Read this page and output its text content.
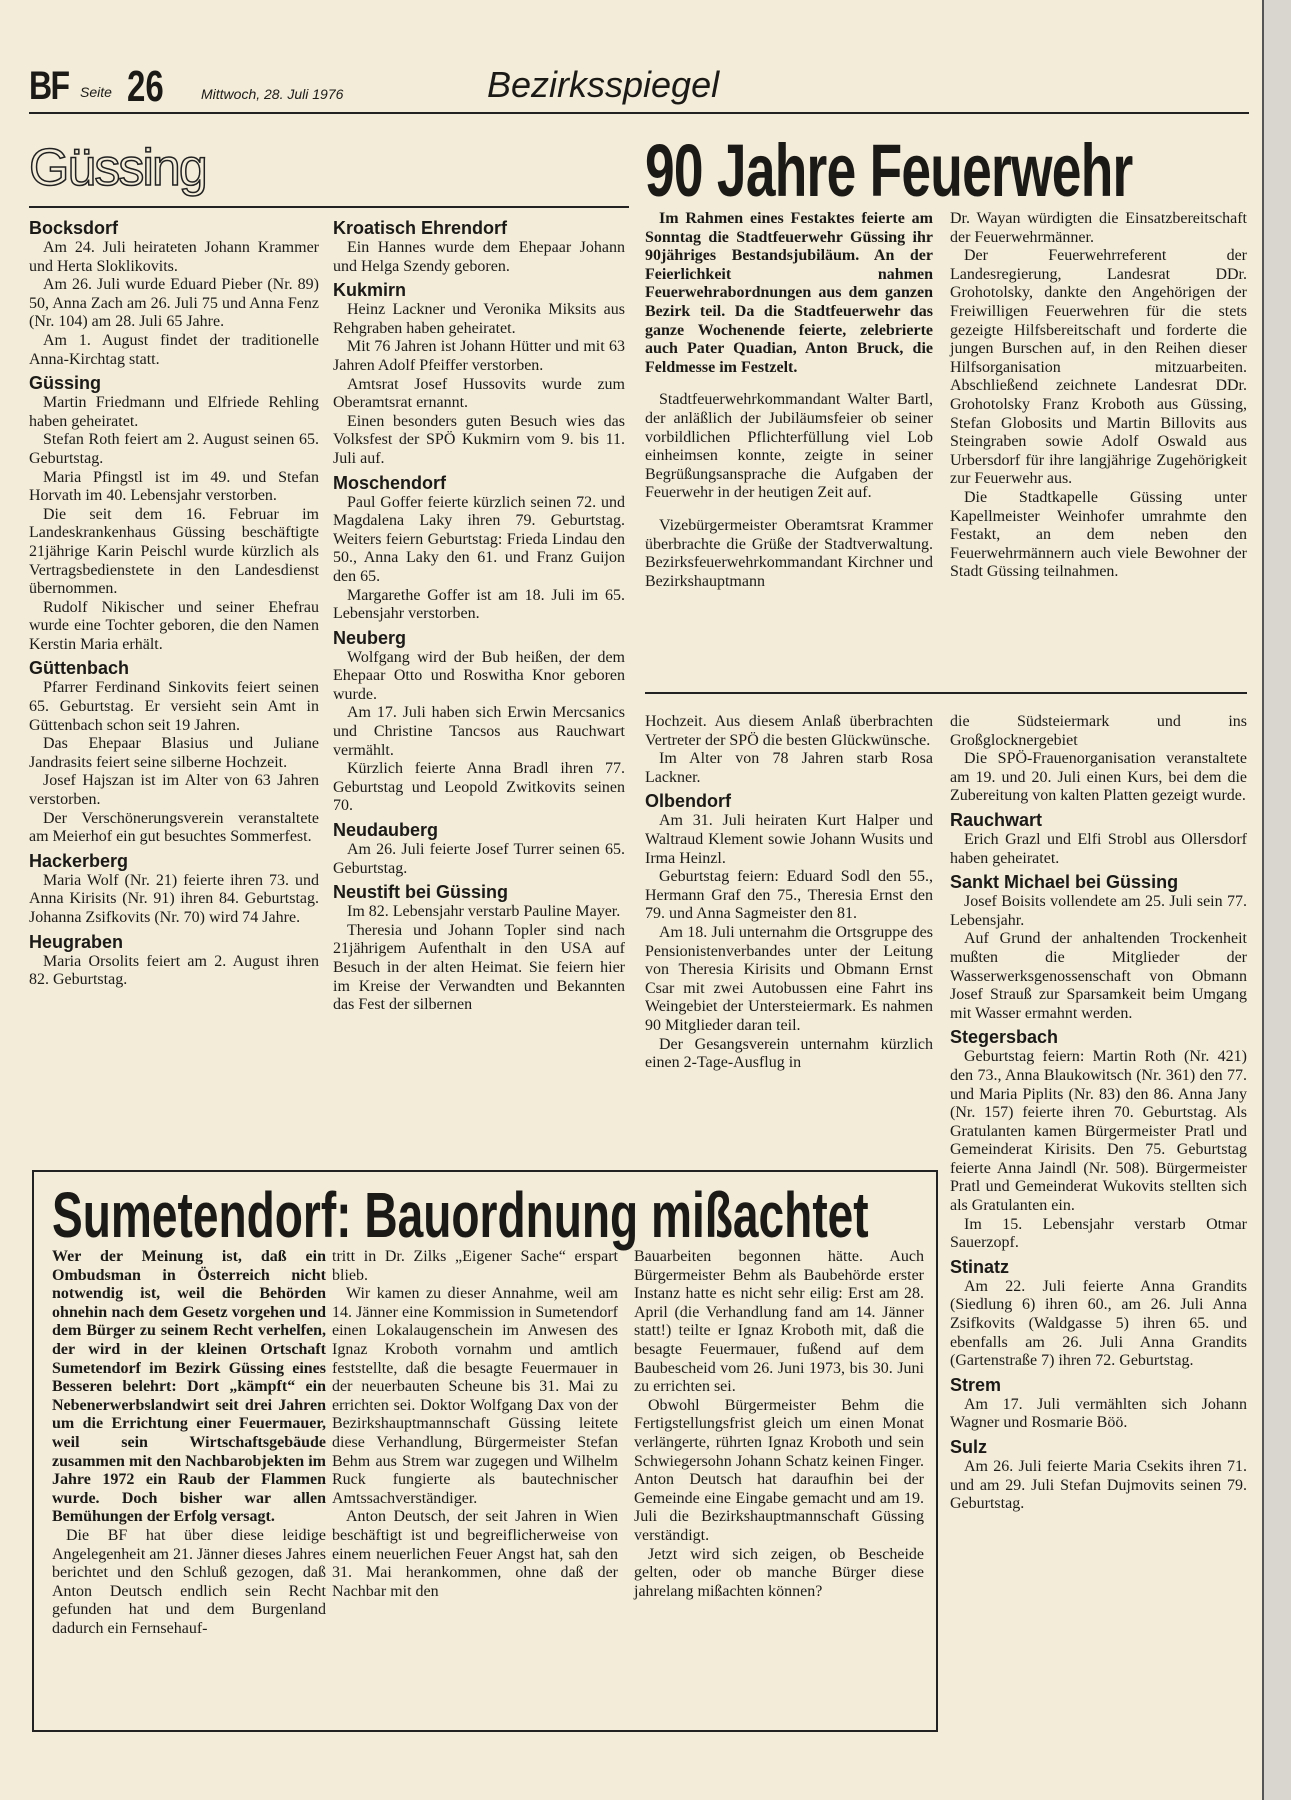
BF Seite 26	Mittwoch, 28. Juli 1976	Bezirksspiegel
Güssing	90 Jahre Feuerwehr
Bocksdorf

Am 24. Juli heirateten Johann Krammer und Herta Sloklikovits.

Am 26. Juli wurde Eduard Pieber (Nr. 89) 50, Anna Zach am 26. Juli 75 und Anna Fenz (Nr. 104) am 28. Juli 65 Jahre.

Am 1. August findet der traditionelle Anna-Kirchtag statt.

Güssing

Martin Friedmann und Elfriede Rehling haben geheiratet.

Stefan Roth feiert am 2. August seinen 65. Geburtstag.

Maria Pfingstl ist im 49. und Stefan Horvath im 40. Lebensjahr verstorben.

Die seit dem 16. Februar im Landeskrankenhaus Güssing beschäftigte 21jährige Karin Peischl wurde kürzlich als Vertragsbedienstete in den Landesdienst übernommen.

Rudolf Nikischer und seiner Ehefrau wurde eine Tochter geboren, die den Namen Kerstin Maria erhält.

Güttenbach

Pfarrer Ferdinand Sinkovits feiert seinen 65. Geburtstag. Er versieht sein Amt in Güttenbach schon seit 19 Jahren.

Das Ehepaar Blasius und Juliane Jandrasits feiert seine silberne Hochzeit.

Josef Hajszan ist im Alter von 63 Jahren verstorben.

Der Verschönerungsverein veranstaltete am Meierhof ein gut besuchtes Sommerfest.

Hackerberg

Maria Wolf (Nr. 21) feierte ihren 73. und Anna Kirisits (Nr. 91) ihren 84. Geburtstag. Johanna Zsifkovits (Nr. 70) wird 74 Jahre.

Heugraben

Maria Orsolits feiert am 2. August ihren 82. Geburtstag.

Kroatisch Ehrendorf

Ein Hannes wurde dem Ehepaar Johann und Helga Szendy geboren.

Kukmirn

Heinz Lackner und Veronika Miksits aus Rehgraben haben geheiratet.

Mit 76 Jahren ist Johann Hütter und mit 63 Jahren Adolf Pfeiffer verstorben.

Amtsrat Josef Hussovits wurde zum Oberamtsrat ernannt.

Einen besonders guten Besuch wies das Volksfest der SPÖ Kukmirn vom 9. bis 11. Juli auf.

Moschendorf

Paul Goffer feierte kürzlich seinen 72. und Magdalena Laky ihren 79. Geburtstag. Weiters feiern Geburtstag: Frieda Lindau den 50., Anna Laky den 61. und Franz Guijon den 65.

Margarethe Goffer ist am 18. Juli im 65. Lebensjahr verstorben.

Neuberg

Wolfgang wird der Bub heißen, der dem Ehepaar Otto und Roswitha Knor geboren wurde.

Am 17. Juli haben sich Erwin Mercsanics und Christine Tancsos aus Rauchwart vermählt.

Kürzlich feierte Anna Bradl ihren 77. Geburtstag und Leopold Zwitkovits seinen 70.

Neudauberg

Am 26. Juli feierte Josef Turrer seinen 65. Geburtstag.

Neustift bei Güssing

Im 82. Lebensjahr verstarb Pauline Mayer.

Theresia und Johann Topler sind nach 21jährigem Aufenthalt in den USA auf Besuch in der alten Heimat. Sie feiern hier im Kreise der Verwandten und Bekannten das Fest der silbernen

Im Rahmen eines Festaktes feierte am Sonntag die Stadtfeuerwehr Güssing ihr 90jähriges Bestandsjubiläum. An der Feierlichkeit nahmen Feuerwehrabordnungen aus dem ganzen Bezirk teil. Da die Stadtfeuerwehr das ganze Wochenende feierte, zelebrierte auch Pater Quadian, Anton Bruck, die Feldmesse im Festzelt.

Stadtfeuerwehrkommandant Walter Bartl, der anläßlich der Jubiläumsfeier ob seiner vorbildlichen Pflichterfüllung viel Lob einheimsen konnte, zeigte in seiner Begrüßungsansprache die Aufgaben der Feuerwehr in der heutigen Zeit auf.

Vizebürgermeister Oberamtsrat Krammer überbrachte die Grüße der Stadtverwaltung. Bezirksfeuerwehrkommandant Kirchner und Bezirkshauptmann

Dr. Wayan würdigten die Einsatzbereitschaft der Feuerwehrmänner.

Der Feuerwehrreferent der Landesregierung, Landesrat DDr. Grohotolsky, dankte den Angehörigen der Freiwilligen Feuerwehren für die stets gezeigte Hilfsbereitschaft und forderte die jungen Burschen auf, in den Reihen dieser Hilfsorganisation mitzuarbeiten. Abschließend zeichnete Landesrat DDr. Grohotolsky Franz Kroboth aus Güssing, Stefan Globosits und Martin Billovits aus Steingraben sowie Adolf Oswald aus Urbersdorf für ihre langjährige Zugehörigkeit zur Feuerwehr aus.

Die Stadtkapelle Güssing unter Kapellmeister Weinhofer umrahmte den Festakt, an dem neben den Feuerwehrmännern auch viele Bewohner der Stadt Güssing teilnahmen.

Hochzeit. Aus diesem Anlaß überbrachten Vertreter der SPÖ die besten Glückwünsche.

Im Alter von 78 Jahren starb Rosa Lackner.

Olbendorf

Am 31. Juli heiraten Kurt Halper und Waltraud Klement sowie Johann Wusits und Irma Heinzl.

Geburtstag feiern: Eduard Sodl den 55., Hermann Graf den 75., Theresia Ernst den 79. und Anna Sagmeister den 81.

Am 18. Juli unternahm die Ortsgruppe des Pensionistenverbandes unter der Leitung von Theresia Kirisits und Obmann Ernst Csar mit zwei Autobussen eine Fahrt ins Weingebiet der Untersteiermark. Es nahmen 90 Mitglieder daran teil.

Der Gesangsverein unternahm kürzlich einen 2-Tage-Ausflug in

die Südsteiermark und ins Großglocknergebiet

Die SPÖ-Frauenorganisation veranstaltete am 19. und 20. Juli einen Kurs, bei dem die Zubereitung von kalten Platten gezeigt wurde.

Rauchwart

Erich Grazl und Elfi Strobl aus Ollersdorf haben geheiratet.

Sankt Michael bei Güssing

Josef Boisits vollendete am 25. Juli sein 77. Lebensjahr.

Auf Grund der anhaltenden Trockenheit mußten die Mitglieder der Wasserwerksgenossenschaft von Obmann Josef Strauß zur Sparsamkeit beim Umgang mit Wasser ermahnt werden.

Stegersbach

Geburtstag feiern: Martin Roth (Nr. 421) den 73., Anna Blaukowitsch (Nr. 361) den 77. und Maria Piplits (Nr. 83) den 86. Anna Jany (Nr. 157) feierte ihren 70. Geburtstag. Als Gratulanten kamen Bürgermeister Pratl und Gemeinderat Kirisits. Den 75. Geburtstag feierte Anna Jaindl (Nr. 508). Bürgermeister Pratl und Gemeinderat Wukovits stellten sich als Gratulanten ein.

Im 15. Lebensjahr verstarb Otmar Sauerzopf.

Stinatz

Am 22. Juli feierte Anna Grandits (Siedlung 6) ihren 60., am 26. Juli Anna Zsifkovits (Waldgasse 5) ihren 65. und ebenfalls am 26. Juli Anna Grandits (Gartenstraße 7) ihren 72. Geburtstag.

Strem

Am 17. Juli vermählten sich Johann Wagner und Rosmarie Böö.

Sulz

Am 26. Juli feierte Maria Csekits ihren 71. und am 29. Juli Stefan Dujmovits seinen 79. Geburtstag.

Sumetendorf: Bauordnung mißachtet

Wer der Meinung ist, daß ein Ombudsman in Österreich nicht notwendig ist, weil die Behörden ohnehin nach dem Gesetz vorgehen und dem Bürger zu seinem Recht verhelfen, der wird in der kleinen Ortschaft Sumetendorf im Bezirk Güssing eines Besseren belehrt: Dort „kämpft“ ein Nebenerwerbslandwirt seit drei Jahren um die Errichtung einer Feuermauer, weil sein Wirtschaftsgebäude zusammen mit den Nachbarobjekten im Jahre 1972 ein Raub der Flammen wurde. Doch bisher war allen Bemühungen der Erfolg versagt.

Die BF hat über diese leidige Angelegenheit am 21. Jänner dieses Jahres berichtet und den Schluß gezogen, daß Anton Deutsch endlich sein Recht gefunden hat und dem Burgenland dadurch ein Fernsehauf-

tritt in Dr. Zilks „Eigener Sache“ erspart blieb.

Wir kamen zu dieser Annahme, weil am 14. Jänner eine Kommission in Sumetendorf einen Lokalaugenschein im Anwesen des Ignaz Kroboth vornahm und amtlich feststellte, daß die besagte Feuermauer in der neuerbauten Scheune bis 31. Mai zu errichten sei. Doktor Wolfgang Dax von der Bezirkshauptmannschaft Güssing leitete diese Verhandlung, Bürgermeister Stefan Behm aus Strem war zugegen und Wilhelm Ruck fungierte als bautechnischer Amtssachverständiger.

Anton Deutsch, der seit Jahren in Wien beschäftigt ist und begreiflicherweise von einem neuerlichen Feuer Angst hat, sah den 31. Mai herankommen, ohne daß der Nachbar mit den

Bauarbeiten begonnen hätte. Auch Bürgermeister Behm als Baubehörde erster Instanz hatte es nicht sehr eilig: Erst am 28. April (die Verhandlung fand am 14. Jänner statt!) teilte er Ignaz Kroboth mit, daß die besagte Feuermauer, fußend auf dem Baubescheid vom 26. Juni 1973, bis 30. Juni zu errichten sei.

Obwohl Bürgermeister Behm die Fertigstellungsfrist gleich um einen Monat verlängerte, rührten Ignaz Kroboth und sein Schwiegersohn Johann Schatz keinen Finger. Anton Deutsch hat daraufhin bei der Gemeinde eine Eingabe gemacht und am 19. Juli die Bezirkshauptmannschaft Güssing verständigt.

Jetzt wird sich zeigen, ob Bescheide gelten, oder ob manche Bürger diese jahrelang mißachten können?
